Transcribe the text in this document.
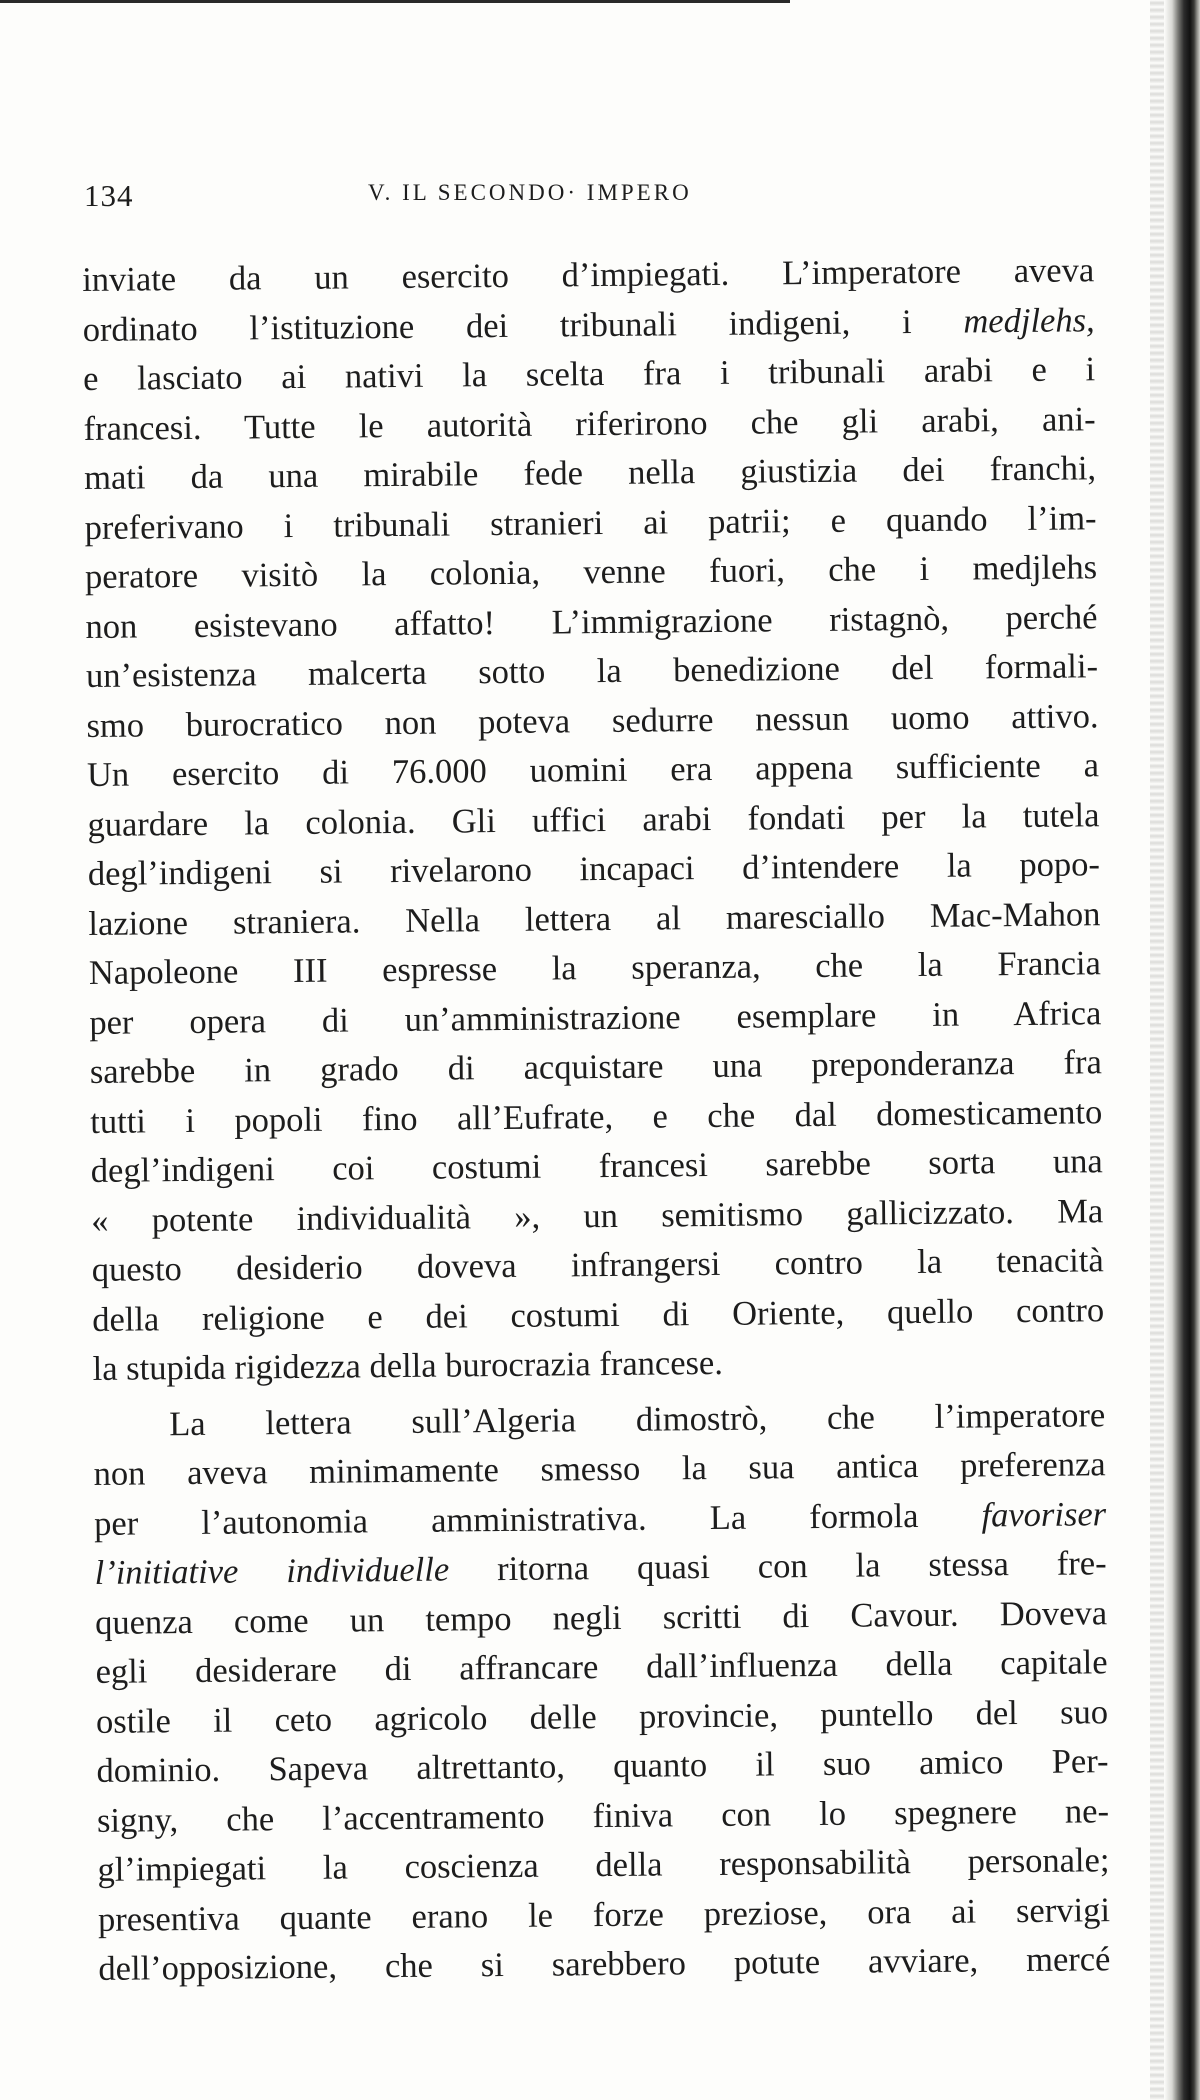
134	V. IL SECONDO· IMPERO
inviate da un esercito d’impiegati. L’imperatore aveva
ordinato l’istituzione dei tribunali indigeni, i medjlehs,
e lasciato ai nativi la scelta fra i tribunali arabi e i
francesi. Tutte le autorità riferirono che gli arabi, ani-
mati da una mirabile fede nella giustizia dei franchi,
preferivano i tribunali stranieri ai patrii; e quando l’im-
peratore visitò la colonia, venne fuori, che i medjlehs
non esistevano affatto! L’immigrazione ristagnò, perché
un’esistenza malcerta sotto la benedizione del formali-
smo burocratico non poteva sedurre nessun uomo attivo.
Un esercito di 76.000 uomini era appena sufficiente a
guardare la colonia. Gli uffici arabi fondati per la tutela
degl’indigeni si rivelarono incapaci d’intendere la popo-
lazione straniera. Nella lettera al maresciallo Mac-Mahon
Napoleone III espresse la speranza, che la Francia
per opera di un’amministrazione esemplare in Africa
sarebbe in grado di acquistare una preponderanza fra
tutti i popoli fino all’Eufrate, e che dal domesticamento
degl’indigeni coi costumi francesi sarebbe sorta una
« potente individualità », un semitismo gallicizzato. Ma
questo desiderio doveva infrangersi contro la tenacità
della religione e dei costumi di Oriente, quello contro
la stupida rigidezza della burocrazia francese.
La lettera sull’Algeria dimostrò, che l’imperatore
non aveva minimamente smesso la sua antica preferenza
per l’autonomia amministrativa. La formola favoriser
l’initiative individuelle ritorna quasi con la stessa fre-
quenza come un tempo negli scritti di Cavour. Doveva
egli desiderare di affrancare dall’influenza della capitale
ostile il ceto agricolo delle provincie, puntello del suo
dominio. Sapeva altrettanto, quanto il suo amico Per-
signy, che l’accentramento finiva con lo spegnere ne-
gl’impiegati la coscienza della responsabilità personale;
presentiva quante erano le forze preziose, ora ai servigi
dell’opposizione, che si sarebbero potute avviare, mercé
